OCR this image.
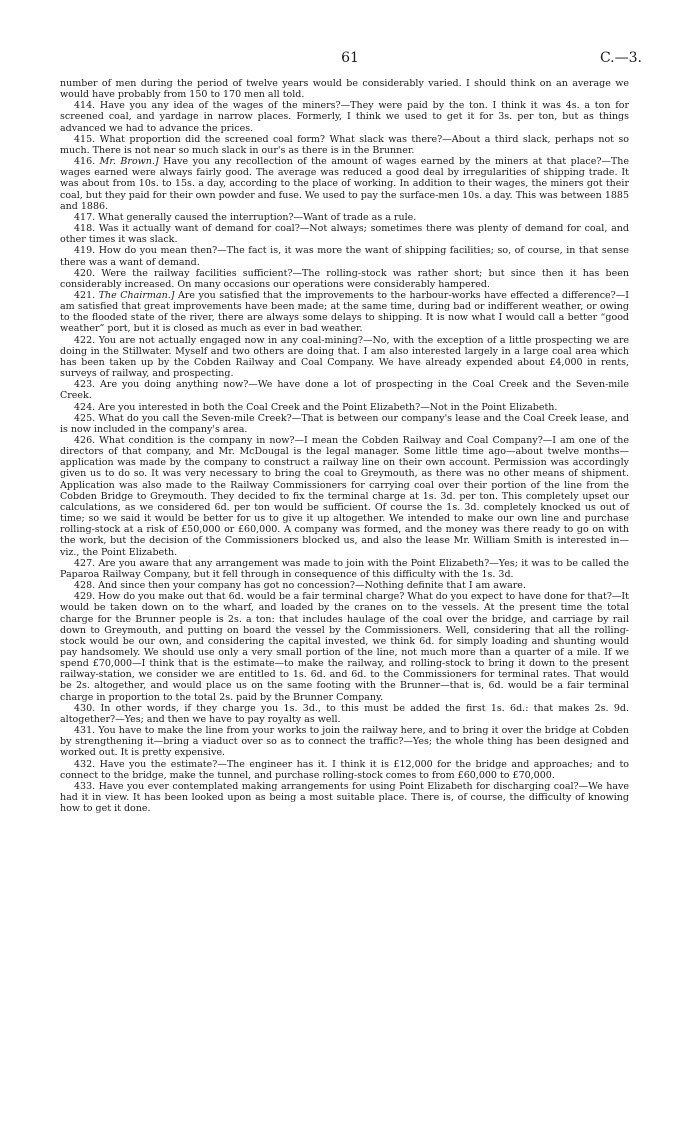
61	C.—3.

number of men during the period of twelve years would be considerably varied. I should think on an average we would have probably from 150 to 170 men all told.

414. Have you any idea of the wages of the miners?—They were paid by the ton. I think it was 4s. a ton for screened coal, and yardage in narrow places. Formerly, I think we used to get it for 3s. per ton, but as things advanced we had to advance the prices.

415. What proportion did the screened coal form? What slack was there?—About a third slack, perhaps not so much. There is not near so much slack in our's as there is in the Brunner.

416. Mr. Brown.] Have you any recollection of the amount of wages earned by the miners at that place?—The wages earned were always fairly good. The average was reduced a good deal by irregularities of shipping trade. It was about from 10s. to 15s. a day, according to the place of working. In addition to their wages, the miners got their coal, but they paid for their own powder and fuse. We used to pay the surface-men 10s. a day. This was between 1885 and 1886.

417. What generally caused the interruption?—Want of trade as a rule.

418. Was it actually want of demand for coal?—Not always; sometimes there was plenty of demand for coal, and other times it was slack.

419. How do you mean then?—The fact is, it was more the want of shipping facilities; so, of course, in that sense there was a want of demand.

420. Were the railway facilities sufficient?—The rolling-stock was rather short; but since then it has been considerably increased. On many occasions our operations were considerably hampered.

421. The Chairman.] Are you satisfied that the improvements to the harbour-works have effected a difference?—I am satisfied that great improvements have been made; at the same time, during bad or indifferent weather, or owing to the flooded state of the river, there are always some delays to shipping. It is now what I would call a better “good weather” port, but it is closed as much as ever in bad weather.

422. You are not actually engaged now in any coal-mining?—No, with the exception of a little prospecting we are doing in the Stillwater. Myself and two others are doing that. I am also interested largely in a large coal area which has been taken up by the Cobden Railway and Coal Company. We have already expended about £4,000 in rents, surveys of railway, and prospecting.

423. Are you doing anything now?—We have done a lot of prospecting in the Coal Creek and the Seven-mile Creek.

424. Are you interested in both the Coal Creek and the Point Elizabeth?—Not in the Point Elizabeth.

425. What do you call the Seven-mile Creek?—That is between our company's lease and the Coal Creek lease, and is now included in the company's area.

426. What condition is the company in now?—I mean the Cobden Railway and Coal Company?—I am one of the directors of that company, and Mr. McDougal is the legal manager. Some little time ago—about twelve months—application was made by the company to construct a railway line on their own account. Permission was accordingly given us to do so. It was very necessary to bring the coal to Greymouth, as there was no other means of shipment. Application was also made to the Railway Commissioners for carrying coal over their portion of the line from the Cobden Bridge to Greymouth. They decided to fix the terminal charge at 1s. 3d. per ton. This completely upset our calculations, as we considered 6d. per ton would be sufficient. Of course the 1s. 3d. completely knocked us out of time; so we said it would be better for us to give it up altogether. We intended to make our own line and purchase rolling-stock at a risk of £50,000 or £60,000. A company was formed, and the money was there ready to go on with the work, but the decision of the Commissioners blocked us, and also the lease Mr. William Smith is interested in—viz., the Point Elizabeth.

427. Are you aware that any arrangement was made to join with the Point Elizabeth?—Yes; it was to be called the Paparoa Railway Company, but it fell through in consequence of this difficulty with the 1s. 3d.

428. And since then your company has got no concession?—Nothing definite that I am aware.

429. How do you make out that 6d. would be a fair terminal charge? What do you expect to have done for that?—It would be taken down on to the wharf, and loaded by the cranes on to the vessels. At the present time the total charge for the Brunner people is 2s. a ton: that includes haulage of the coal over the bridge, and carriage by rail down to Greymouth, and putting on board the vessel by the Commissioners. Well, considering that all the rolling-stock would be our own, and considering the capital invested, we think 6d. for simply loading and shunting would pay handsomely. We should use only a very small portion of the line, not much more than a quarter of a mile. If we spend £70,000—I think that is the estimate—to make the railway, and rolling-stock to bring it down to the present railway-station, we consider we are entitled to 1s. 6d. and 6d. to the Commissioners for terminal rates. That would be 2s. altogether, and would place us on the same footing with the Brunner—that is, 6d. would be a fair terminal charge in proportion to the total 2s. paid by the Brunner Company.

430. In other words, if they charge you 1s. 3d., to this must be added the first 1s. 6d.: that makes 2s. 9d. altogether?—Yes; and then we have to pay royalty as well.

431. You have to make the line from your works to join the railway here, and to bring it over the bridge at Cobden by strengthening it—bring a viaduct over so as to connect the traffic?—Yes; the whole thing has been designed and worked out. It is pretty expensive.

432. Have you the estimate?—The engineer has it. I think it is £12,000 for the bridge and approaches; and to connect to the bridge, make the tunnel, and purchase rolling-stock comes to from £60,000 to £70,000.

433. Have you ever contemplated making arrangements for using Point Elizabeth for discharging coal?—We have had it in view. It has been looked upon as being a most suitable place. There is, of course, the difficulty of knowing how to get it done.
